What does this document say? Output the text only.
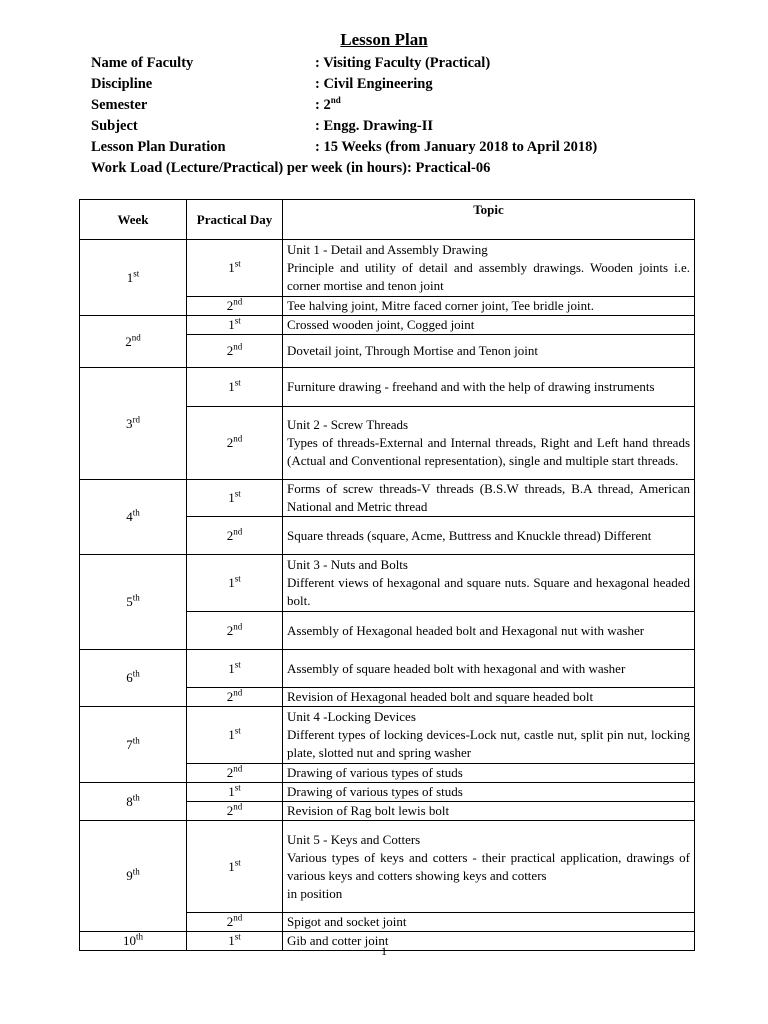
Lesson Plan
Name of Faculty	: Visiting Faculty (Practical)
Discipline	: Civil Engineering
Semester	: 2nd
Subject	: Engg. Drawing-II
Lesson Plan Duration	: 15 Weeks (from January 2018 to April 2018)
Work Load (Lecture/Practical) per week (in hours): Practical-06
Week	Practical Day	Topic
1st	1st	Unit 1 - Detail and Assembly Drawing
Principle and utility of detail and assembly drawings. Wooden joints i.e. corner mortise and tenon joint

	2nd	Tee halving joint, Mitre faced corner joint, Tee bridle joint.

2nd	1st	Crossed wooden joint, Cogged joint

	2nd	Dovetail joint, Through Mortise and Tenon joint

3rd	1st	Furniture drawing - freehand and with the help of drawing instruments

	2nd	Unit 2 - Screw Threads
Types of threads-External and Internal threads, Right and Left hand threads (Actual and Conventional representation), single and multiple start threads.

4th	1st	Forms of screw threads-V threads (B.S.W threads, B.A thread, American National and Metric thread

	2nd	Square threads (square, Acme, Buttress and Knuckle thread) Different

5th	1st	Unit 3 - Nuts and Bolts
Different views of hexagonal and square nuts. Square and hexagonal headed bolt.

	2nd	Assembly of Hexagonal headed bolt and Hexagonal nut with washer

6th	1st	Assembly of square headed bolt with hexagonal and with washer

	2nd	Revision of Hexagonal headed bolt and square headed bolt

7th	1st	Unit 4 -Locking Devices
Different types of locking devices-Lock nut, castle nut, split pin nut, locking plate, slotted nut and spring washer

	2nd	Drawing of various types of studs

8th	1st	Drawing of various types of studs

	2nd	Revision of Rag bolt lewis bolt

9th	1st	Unit 5 - Keys and Cotters
Various types of keys and cotters - their practical application, drawings of various keys and cotters showing keys and cotters
in position

	2nd	Spigot and socket joint

10th	1st	Gib and cotter joint
1
